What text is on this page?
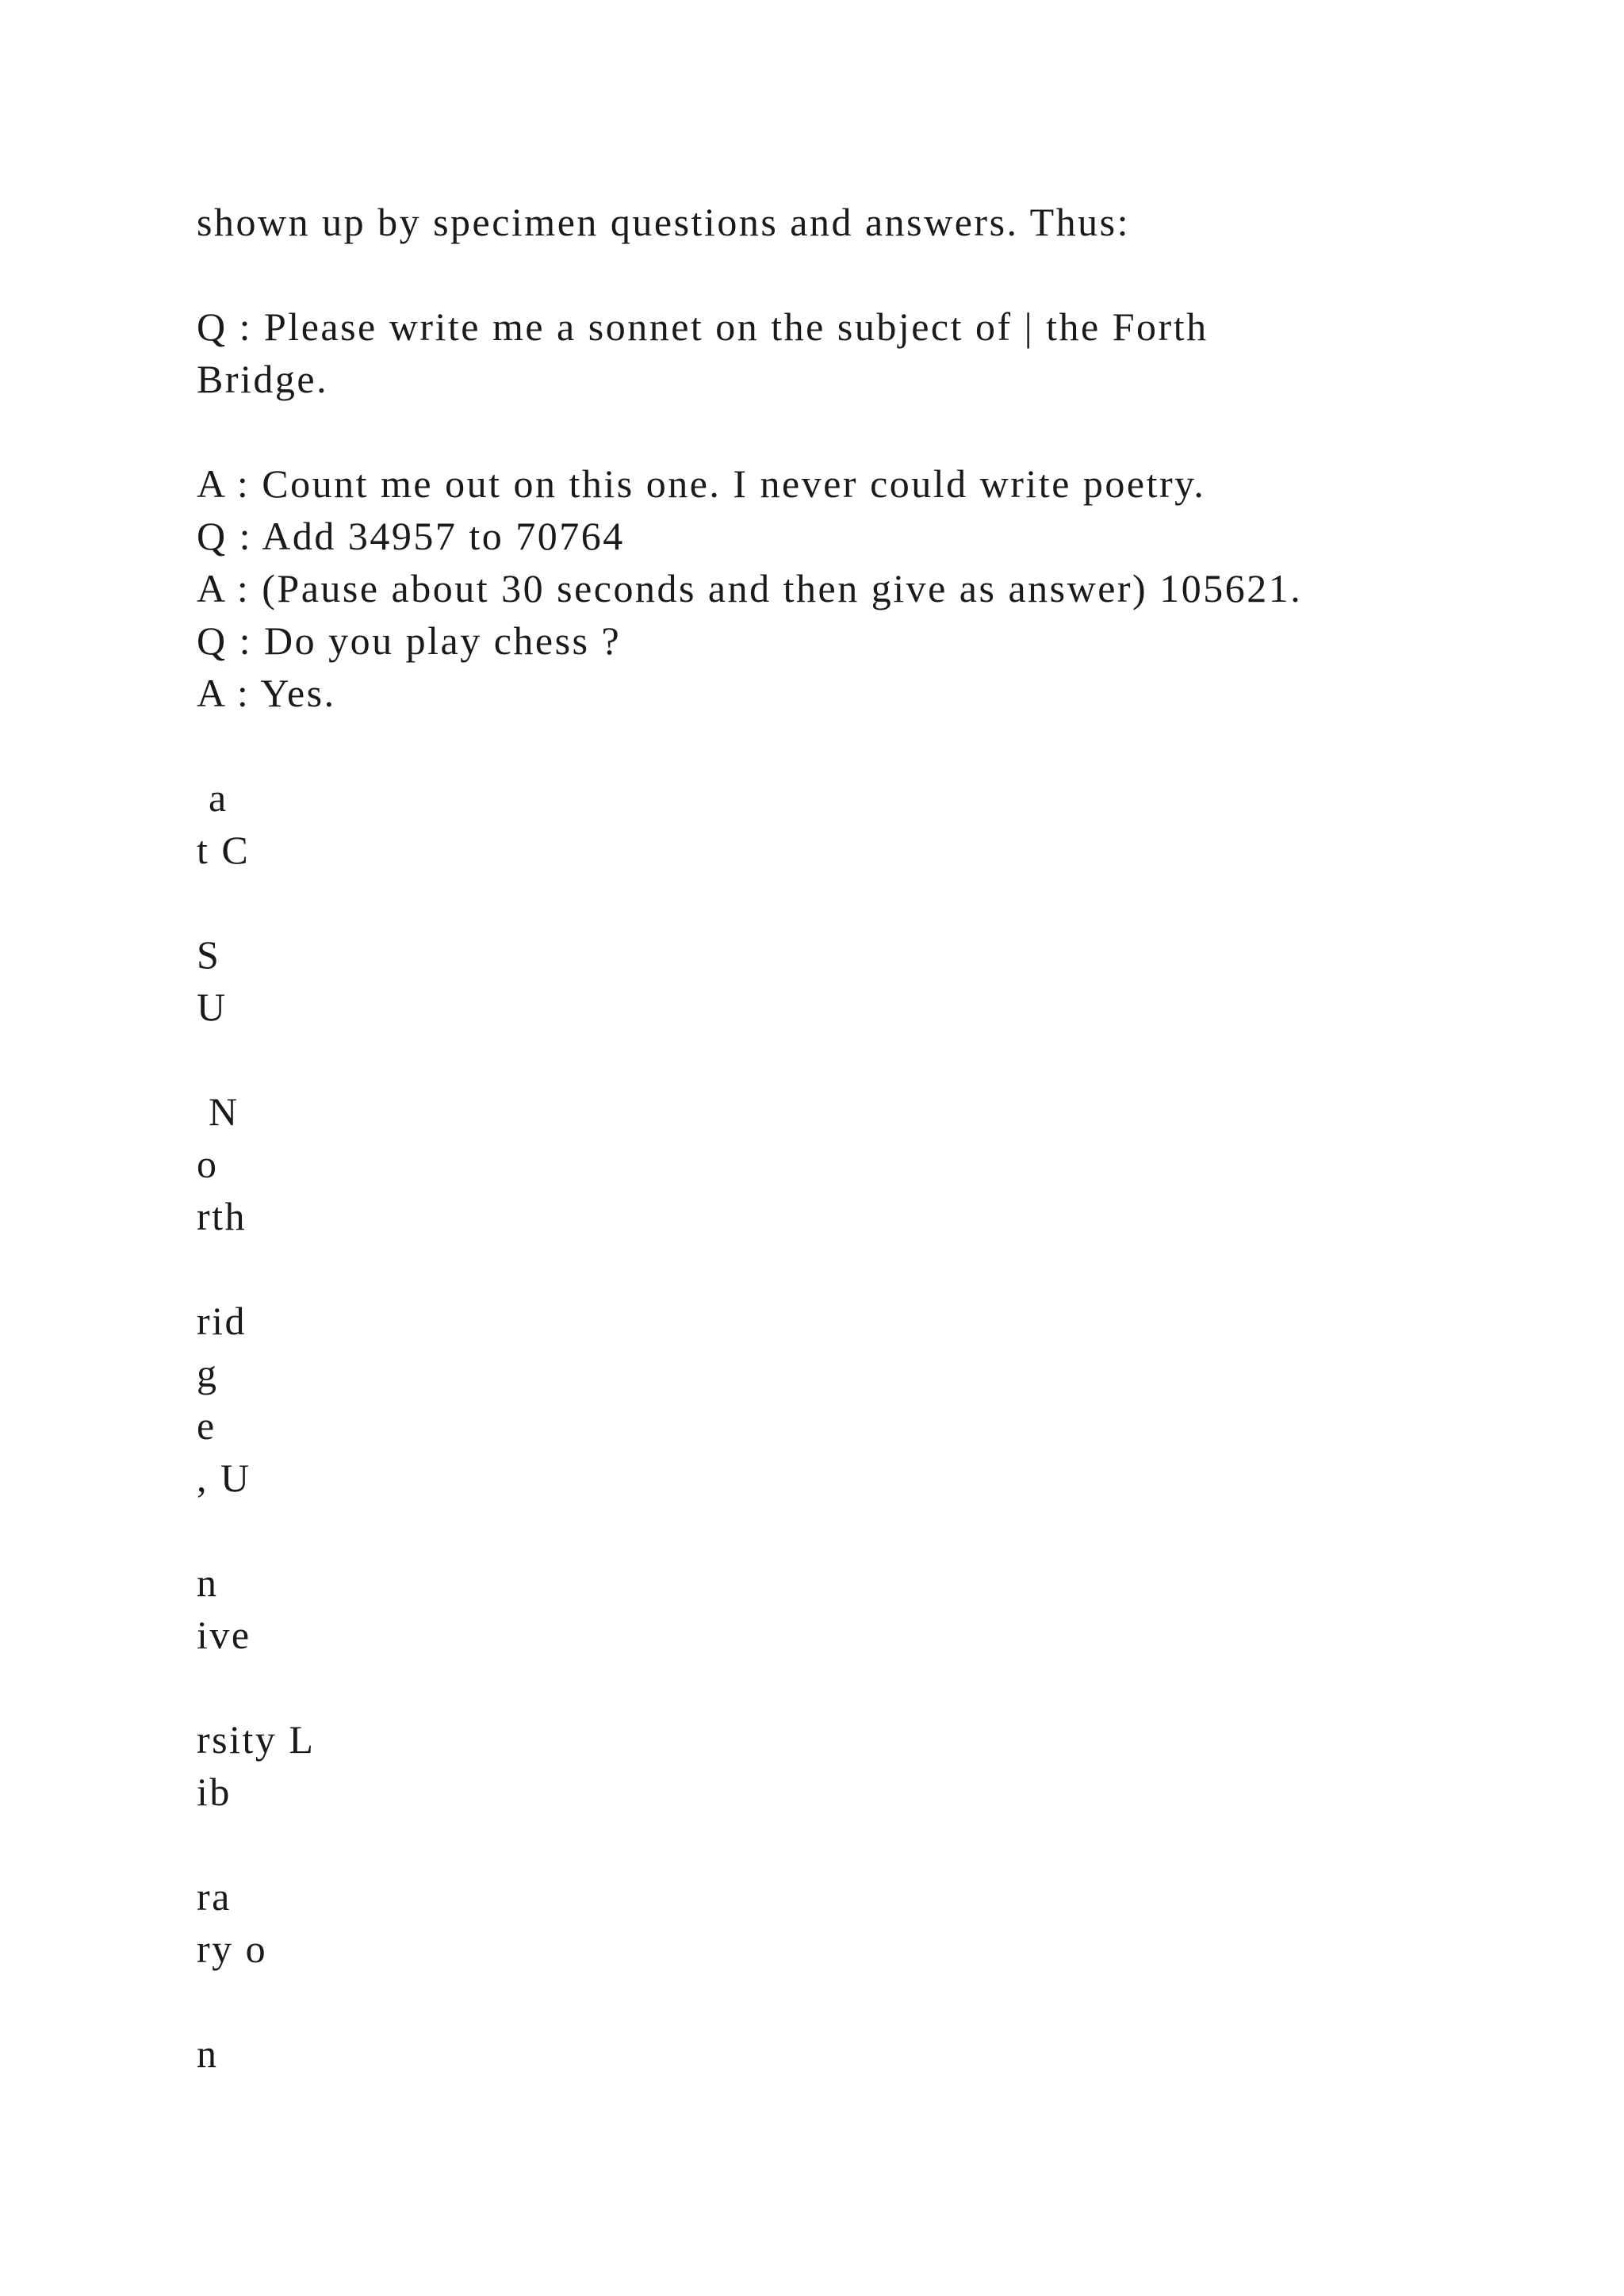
shown up by specimen questions and answers. Thus:
Q : Please write me a sonnet on the subject of | the Forth
Bridge.
A : Count me out on this one. I never could write poetry.
Q : Add 34957 to 70764
A : (Pause about 30 seconds and then give as answer) 105621.
Q : Do you play chess ?
A : Yes.
a
t C
S
U
N
o
rth
rid
g
e
, U
n
ive
rsity L
ib
ra
ry o
n
